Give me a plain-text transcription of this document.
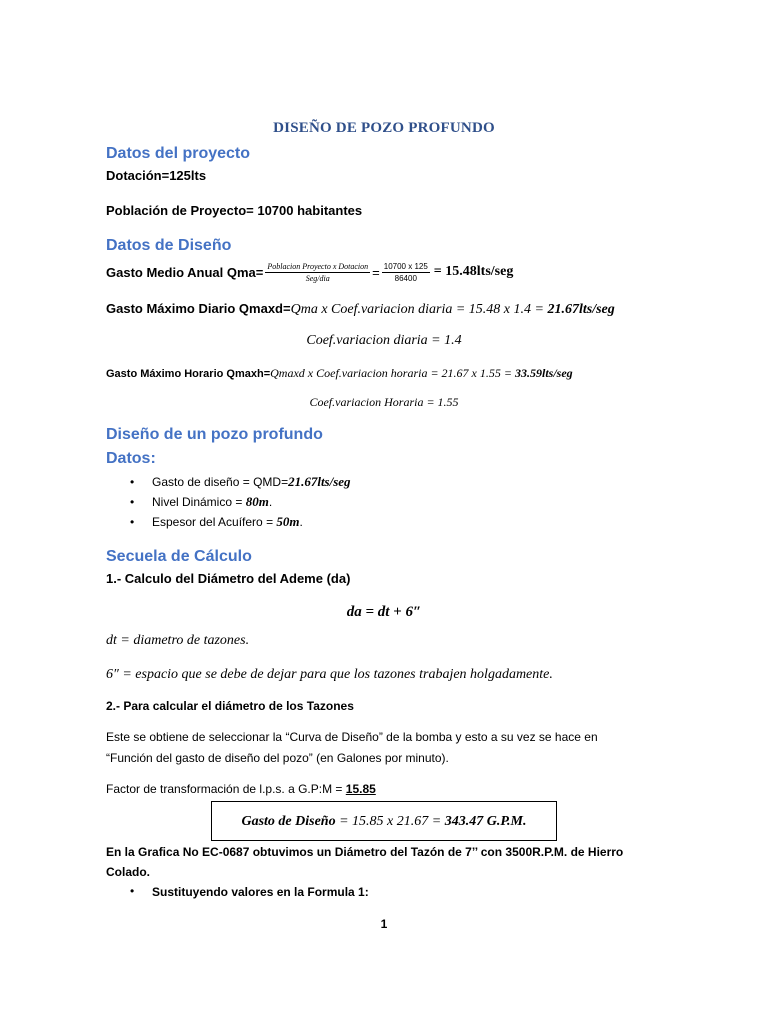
DISEÑO DE POZO PROFUNDO
Datos del proyecto
Dotación=125lts
Población de Proyecto= 10700 habitantes
Datos de Diseño
Gasto Medio Anual $Qma= \frac{\text{Poblacion Proyecto x Dotacion}}{\text{Seg/dia}} = \frac{10700 x 125}{86400} = 15.48lts/seg$
Gasto Máximo Diario Qmaxd=Qma x Coef.variacion diaria = 15.48 x 1.4 = 21.67lts/seg
Coef.variacion diaria = 1.4
Gasto Máximo Horario Qmaxh=Qmaxd x Coef.variacion horaria = 21.67 x 1.55 = 33.59lts/seg
Coef.variacion Horaria = 1.55
Diseño de un pozo profundo
Datos:
Gasto de diseño = QMD=21.67lts/seg
Nivel Dinámico = 80m.
Espesor del Acuífero = 50m.
•
•
•
Secuela de Cálculo
1.- Calculo del Diámetro del Ademe (da)
da = dt + 6″
dt = diametro de tazones.
6″ = espacio que se debe de dejar para que los tazones trabajen holgadamente.
2.- Para calcular el diámetro de los Tazones
Este se obtiene de seleccionar la “Curva de Diseño” de la bomba y esto a su vez se hace en
“Función del gasto de diseño del pozo” (en Galones por minuto).
Factor de transformación de l.p.s. a G.P:M = 15.85
Gasto de Diseño = 15.85 x 21.67 = 343.47 G.P.M.
En la Grafica No EC-0687 obtuvimos un Diámetro del Tazón de 7’’ con 3500R.P.M. de Hierro
Colado.
• Sustituyendo valores en la Formula 1:
1
